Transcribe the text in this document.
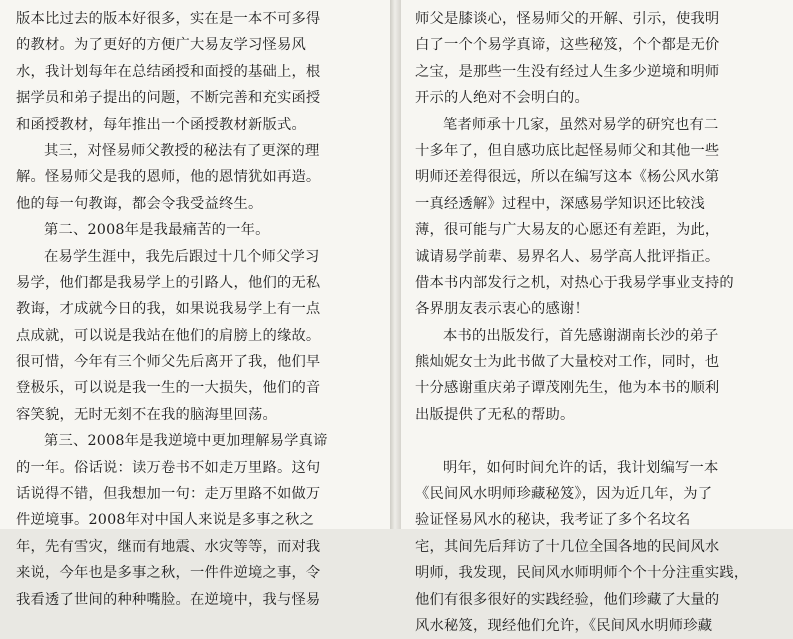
版本比过去的版本好很多，实在是一本不可多得
的教材。为了更好的方便广大易友学习怪易风
水，我计划每年在总结函授和面授的基础上，根
据学员和弟子提出的问题，不断完善和充实函授
和函授教材，每年推出一个函授教材新版式。
其三，对怪易师父教授的秘法有了更深的理
解。怪易师父是我的恩师，他的恩情犹如再造。
他的每一句教诲，都会令我受益终生。
第二、2008年是我最痛苦的一年。
在易学生涯中，我先后跟过十几个师父学习
易学，他们都是我易学上的引路人，他们的无私
教诲，才成就今日的我，如果说我易学上有一点
点成就，可以说是我站在他们的肩膀上的缘故。
很可惜，今年有三个师父先后离开了我，他们早
登极乐，可以说是我一生的一大损失，他们的音
容笑貌，无时无刻不在我的脑海里回荡。
第三、2008年是我逆境中更加理解易学真谛
的一年。俗话说：读万卷书不如走万里路。这句
话说得不错，但我想加一句：走万里路不如做万
件逆境事。2008年对中国人来说是多事之秋之
年，先有雪灾，继而有地震、水灾等等，而对我
来说，今年也是多事之秋，一件件逆境之事，令
我看透了世间的种种嘴脸。在逆境中，我与怪易
师父是膝谈心，怪易师父的开解、引示，使我明
白了一个个易学真谛，这些秘笈，个个都是无价
之宝，是那些一生没有经过人生多少逆境和明师
开示的人绝对不会明白的。
笔者师承十几家，虽然对易学的研究也有二
十多年了，但自感功底比起怪易师父和其他一些
明师还差得很远，所以在编写这本《杨公风水第
一真经透解》过程中，深感易学知识还比较浅
薄，很可能与广大易友的心愿还有差距，为此，
诚请易学前辈、易界名人、易学高人批评指正。
借本书内部发行之机，对热心于我易学事业支持的
各界朋友表示衷心的感谢！
本书的出版发行，首先感谢湖南长沙的弟子
熊灿妮女士为此书做了大量校对工作，同时，也
十分感谢重庆弟子谭茂刚先生，他为本书的顺利
出版提供了无私的帮助。
明年，如何时间允许的话，我计划编写一本
《民间风水明师珍藏秘笈》，因为近几年，为了
验证怪易风水的秘诀，我考证了多个名坟名
宅，其间先后拜访了十几位全国各地的民间风水
明师，我发现，民间风水师明师个个十分注重实践，
他们有很多很好的实践经验，他们珍藏了大量的
风水秘笈，现经他们允许，《民间风水明师珍藏
